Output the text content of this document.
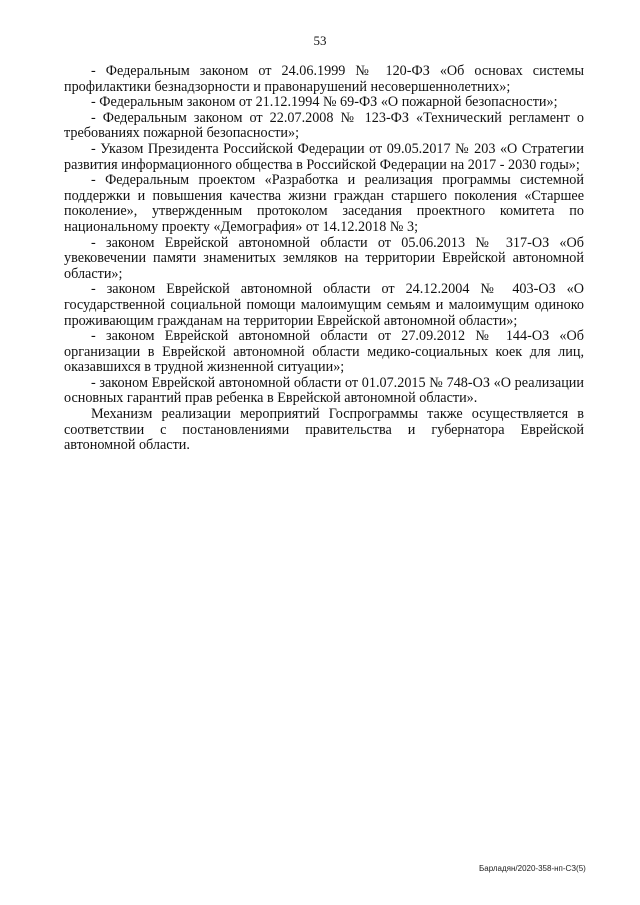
53

- Федеральным законом от 24.06.1999 № 120-ФЗ «Об основах системы профилактики безнадзорности и правонарушений несовершеннолетних»;

- Федеральным законом от 21.12.1994 № 69-ФЗ «О пожарной безопасности»;

- Федеральным законом от 22.07.2008 № 123-ФЗ «Технический регламент о требованиях пожарной безопасности»;

- Указом Президента Российской Федерации от 09.05.2017 № 203 «О Стратегии развития информационного общества в Российской Федерации на 2017 - 2030 годы»;

- Федеральным проектом «Разработка и реализация программы системной поддержки и повышения качества жизни граждан старшего поколения «Старшее поколение», утвержденным протоколом заседания проектного комитета по национальному проекту «Демография» от 14.12.2018 № 3;

- законом Еврейской автономной области от 05.06.2013 № 317-ОЗ «Об увековечении памяти знаменитых земляков на территории Еврейской автономной области»;

- законом Еврейской автономной области от 24.12.2004 № 403-ОЗ «О государственной социальной помощи малоимущим семьям и малоимущим одиноко проживающим гражданам на территории Еврейской автономной области»;

- законом Еврейской автономной области от 27.09.2012 № 144-ОЗ «Об организации в Еврейской автономной области медико-социальных коек для лиц, оказавшихся в трудной жизненной ситуации»;

- законом Еврейской автономной области от 01.07.2015 № 748-ОЗ «О реализации основных гарантий прав ребенка в Еврейской автономной области».

Механизм реализации мероприятий Госпрограммы также осуществляется в соответствии с постановлениями правительства и губернатора Еврейской автономной области.

Барладян/2020-358-нп-СЗ(5)
